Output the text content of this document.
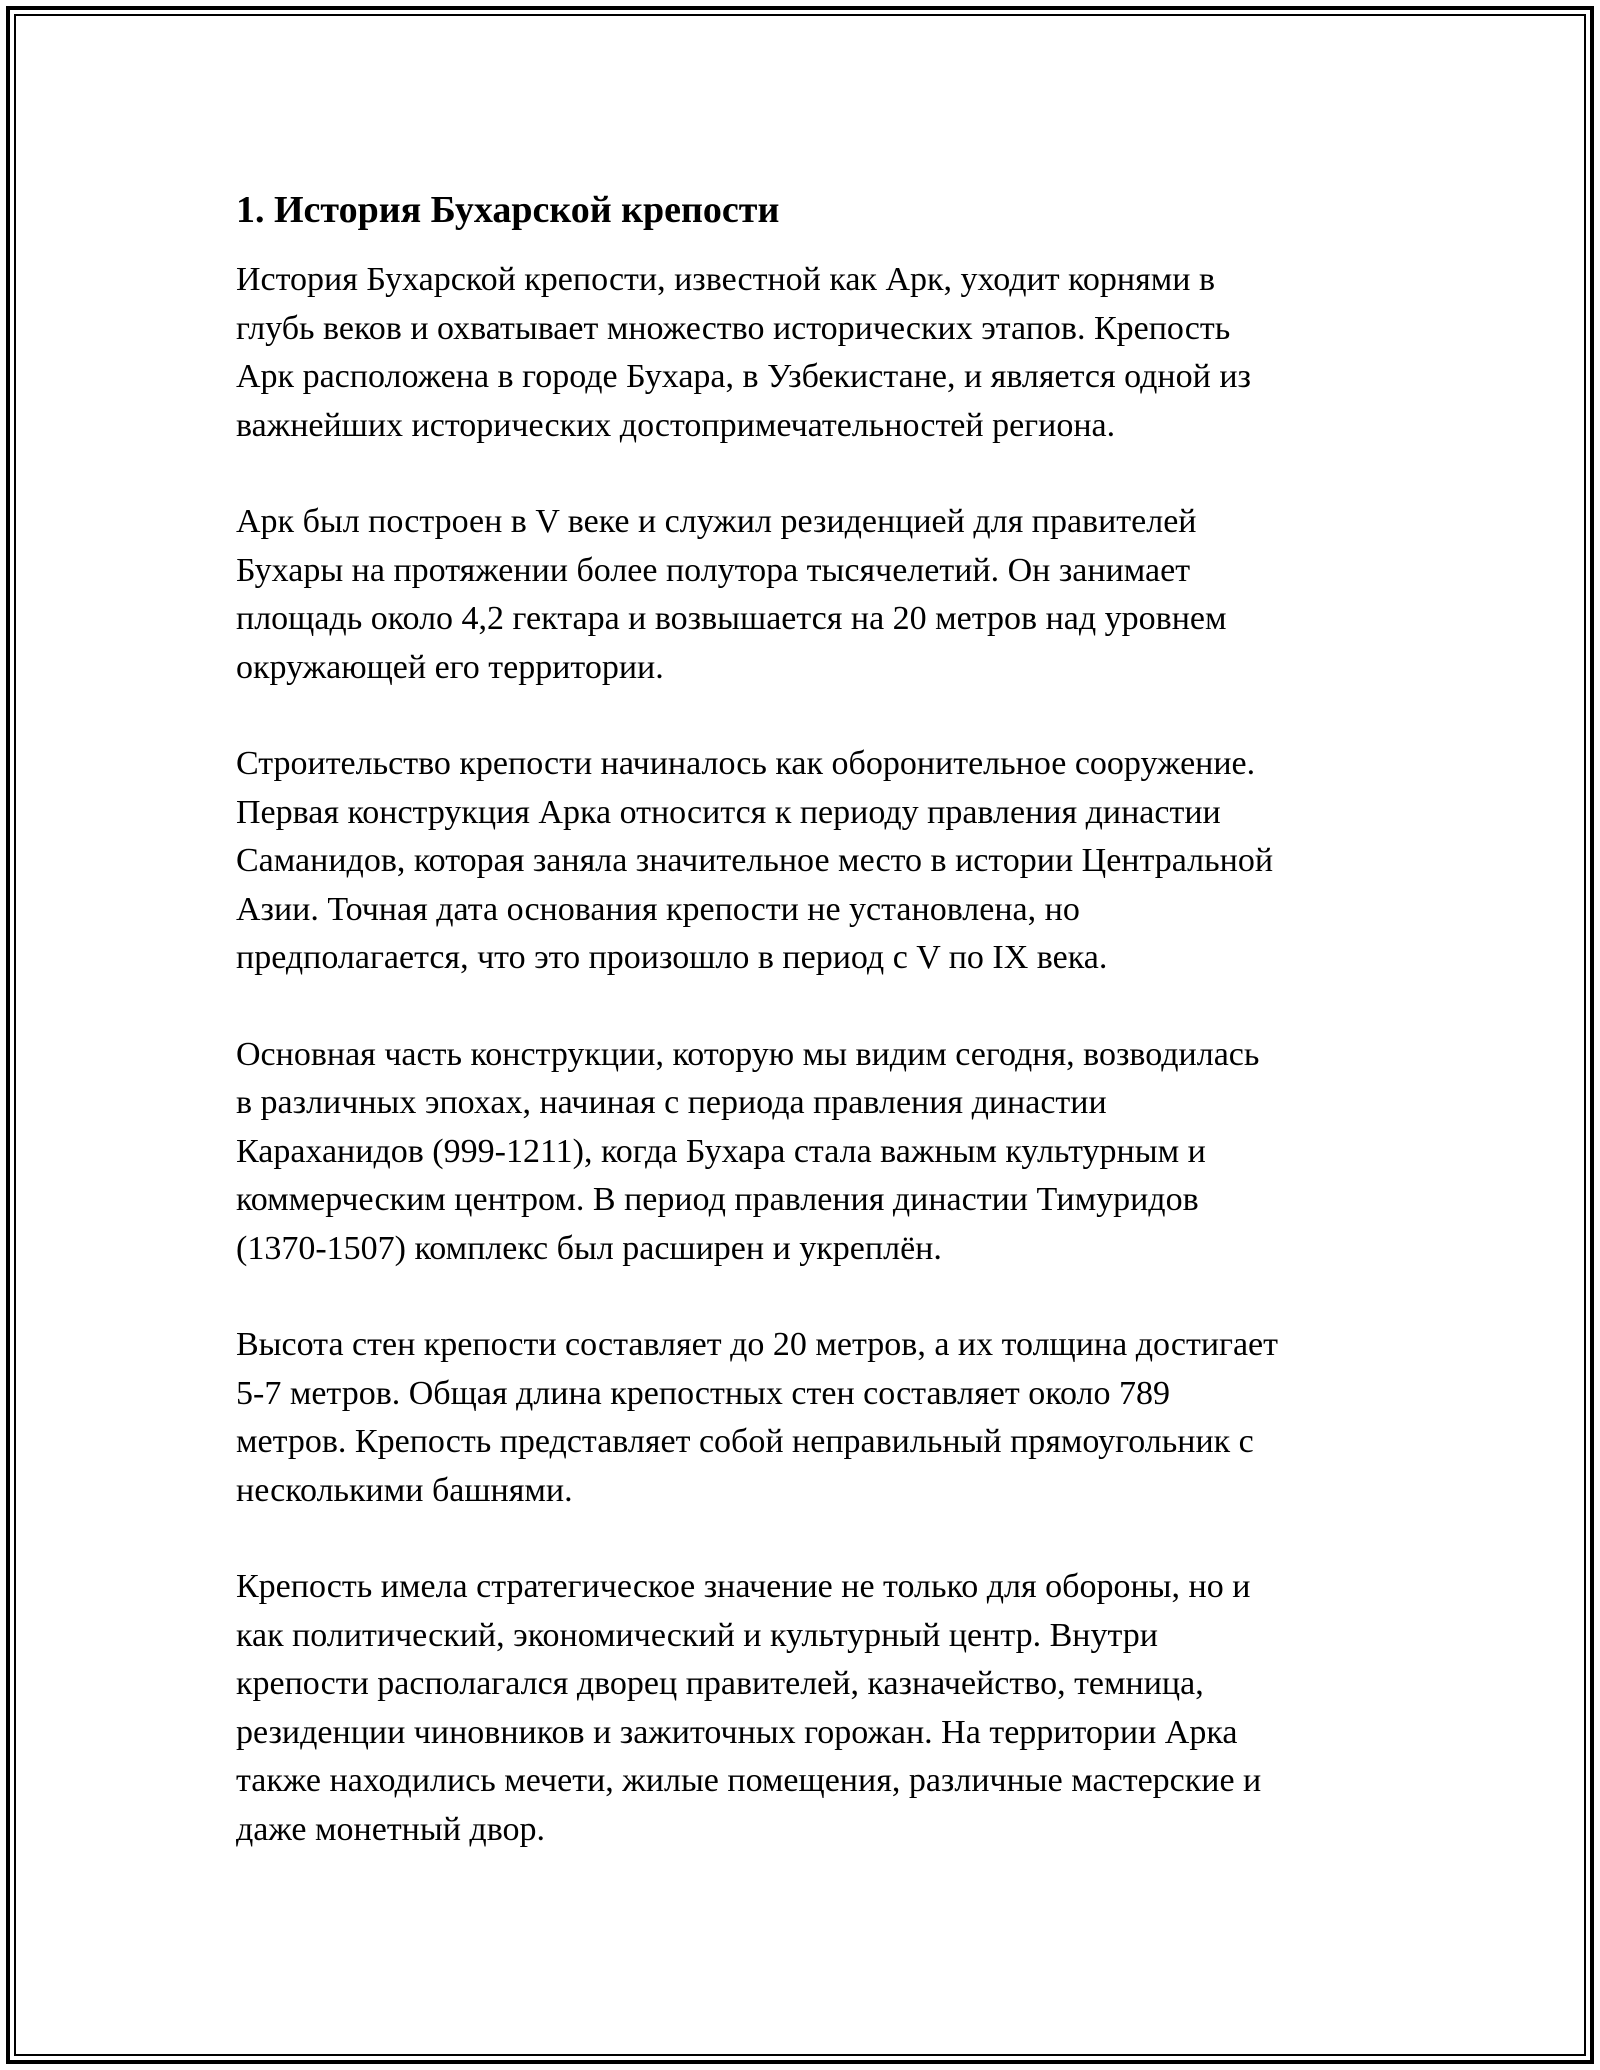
1. История Бухарской крепости

История Бухарской крепости, известной как Арк, уходит корнями в
глубь веков и охватывает множество исторических этапов. Крепость
Арк расположена в городе Бухара, в Узбекистане, и является одной из
важнейших исторических достопримечательностей региона.

Арк был построен в V веке и служил резиденцией для правителей
Бухары на протяжении более полутора тысячелетий. Он занимает
площадь около 4,2 гектара и возвышается на 20 метров над уровнем
окружающей его территории.

Строительство крепости начиналось как оборонительное сооружение.
Первая конструкция Арка относится к периоду правления династии
Саманидов, которая заняла значительное место в истории Центральной
Азии. Точная дата основания крепости не установлена, но
предполагается, что это произошло в период с V по IX века.

Основная часть конструкции, которую мы видим сегодня, возводилась
в различных эпохах, начиная с периода правления династии
Караханидов (999-1211), когда Бухара стала важным культурным и
коммерческим центром. В период правления династии Тимуридов
(1370-1507) комплекс был расширен и укреплён.

Высота стен крепости составляет до 20 метров, а их толщина достигает
5-7 метров. Общая длина крепостных стен составляет около 789
метров. Крепость представляет собой неправильный прямоугольник с
несколькими башнями.

Крепость имела стратегическое значение не только для обороны, но и
как политический, экономический и культурный центр. Внутри
крепости располагался дворец правителей, казначейство, темница,
резиденции чиновников и зажиточных горожан. На территории Арка
также находились мечети, жилые помещения, различные мастерские и
даже монетный двор.
